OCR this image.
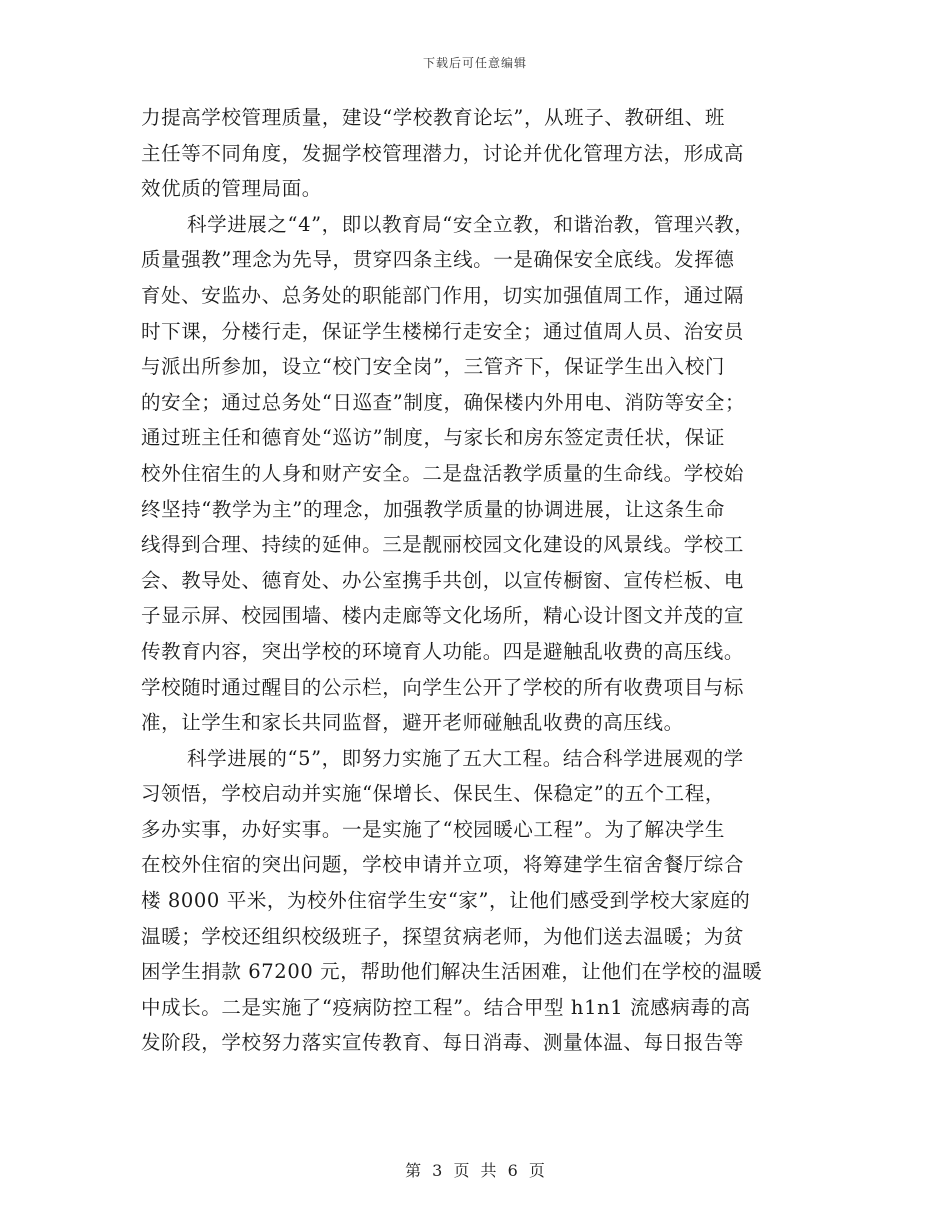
下载后可任意编辑
力提高学校管理质量，建设“学校教育论坛”，从班子、教研组、班
主任等不同角度，发掘学校管理潜力，讨论并优化管理方法，形成高
效优质的管理局面。
科学进展之“4”，即以教育局“安全立教，和谐治教，管理兴教，
质量强教”理念为先导，贯穿四条主线。一是确保安全底线。发挥德
育处、安监办、总务处的职能部门作用，切实加强值周工作，通过隔
时下课，分楼行走，保证学生楼梯行走安全；通过值周人员、治安员
与派出所参加，设立“校门安全岗”，三管齐下，保证学生出入校门
的安全；通过总务处“日巡查”制度，确保楼内外用电、消防等安全；
通过班主任和德育处“巡访”制度，与家长和房东签定责任状，保证
校外住宿生的人身和财产安全。二是盘活教学质量的生命线。学校始
终坚持“教学为主”的理念，加强教学质量的协调进展，让这条生命
线得到合理、持续的延伸。三是靓丽校园文化建设的风景线。学校工
会、教导处、德育处、办公室携手共创，以宣传橱窗、宣传栏板、电
子显示屏、校园围墙、楼内走廊等文化场所，精心设计图文并茂的宣
传教育内容，突出学校的环境育人功能。四是避触乱收费的高压线。
学校随时通过醒目的公示栏，向学生公开了学校的所有收费项目与标
准，让学生和家长共同监督，避开老师碰触乱收费的高压线。
科学进展的“5”，即努力实施了五大工程。结合科学进展观的学
习领悟，学校启动并实施“保增长、保民生、保稳定”的五个工程，
多办实事，办好实事。一是实施了“校园暖心工程”。为了解决学生
在校外住宿的突出问题，学校申请并立项，将筹建学生宿舍餐厅综合
楼 8000 平米，为校外住宿学生安“家”，让他们感受到学校大家庭的
温暖；学校还组织校级班子，探望贫病老师，为他们送去温暖；为贫
困学生捐款 67200 元，帮助他们解决生活困难，让他们在学校的温暖
中成长。二是实施了“疫病防控工程”。结合甲型 h1n1 流感病毒的高
发阶段，学校努力落实宣传教育、每日消毒、测量体温、每日报告等
第 3 页 共 6 页
